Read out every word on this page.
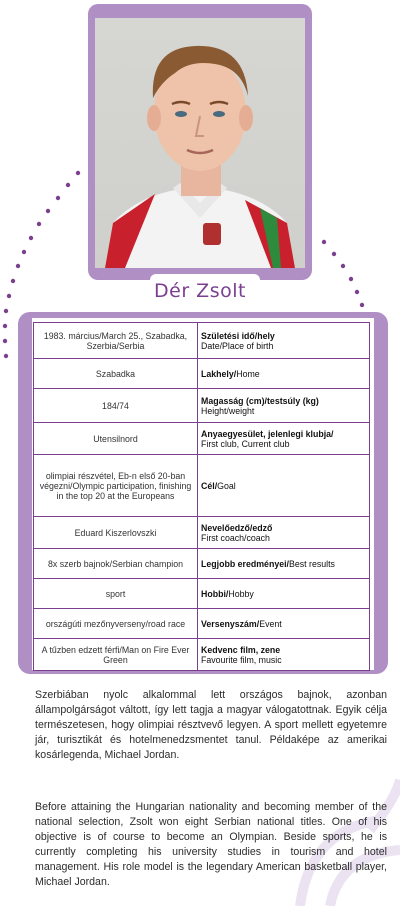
Dér Zsolt
1983. március/March 25., Szabadka, Szerbia/Serbia	Születési idő/hely
Date/Place of birth
Szabadka	Lakhely/Home
184/74	Magasság (cm)/testsúly (kg)
Height/weight
Utensilnord	Anyaegyesület, jelenlegi klubja/
First club, Current club
olimpiai részvétel, Eb-n első 20-ban végezni/Olympic participation, finishing in the top 20 at the Europeans	Cél/Goal
Eduard Kiszerlovszki	Nevelőedző/edző
First coach/coach
8x szerb bajnok/Serbian champion	Legjobb eredményei/Best results
sport	Hobbi/Hobby
országúti mezőnyverseny/road race	Versenyszám/Event
A tűzben edzett férfi/Man on Fire Ever Green	Kedvenc film, zene
Favourite film, music
Szerbiában nyolc alkalommal lett országos bajnok, azonban állampolgárságot váltott, így lett tagja a magyar válogatottnak. Egyik célja természetesen, hogy olimpiai résztvevő legyen. A sport mellett egyetemre jár, turisztikát és hotelmenedzsmentet tanul. Példaképe az amerikai kosárlegenda, Michael Jordan.
Before attaining the Hungarian nationality and becoming member of the national selection, Zsolt won eight Serbian national titles. One of his objective is of course to become an Olympian. Beside sports, he is currently completing his university studies in tourism and hotel management. His role model is the legendary American basketball player, Michael Jordan.
